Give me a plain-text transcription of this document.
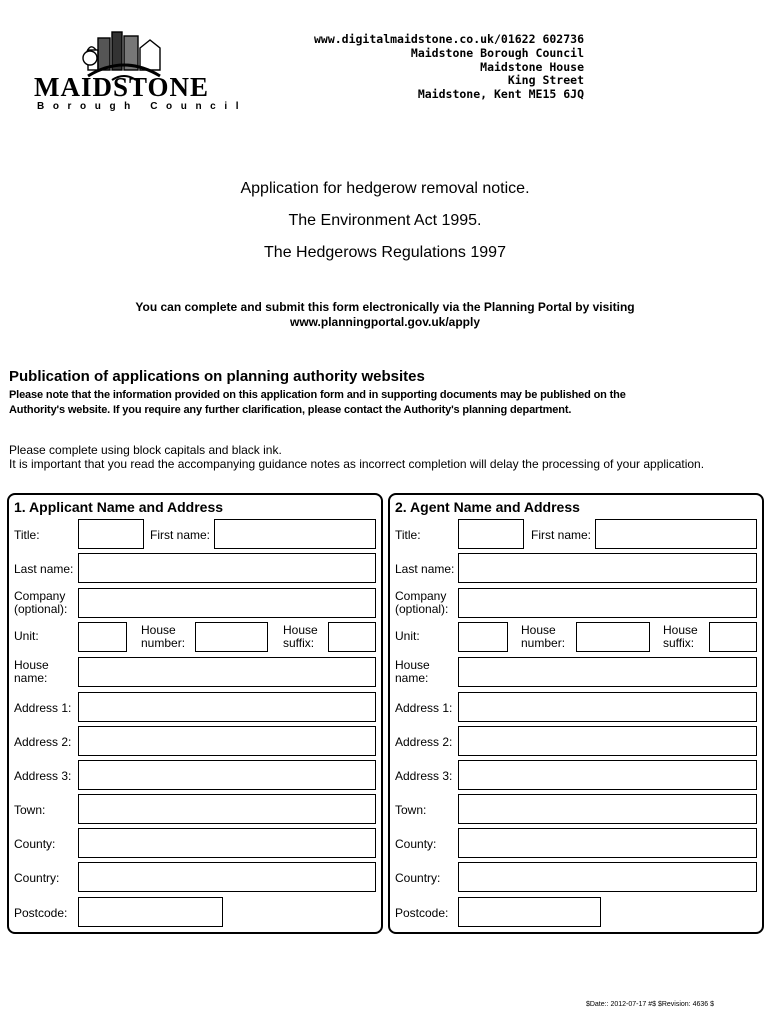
MAIDSTONE
Borough Council
www.digitalmaidstone.co.uk/01622 602736
Maidstone Borough Council
Maidstone House
King Street
Maidstone, Kent ME15 6JQ
Application for hedgerow removal notice.
The Environment Act 1995.
The Hedgerows Regulations 1997
You can complete and submit this form electronically via the Planning Portal by visiting
www.planningportal.gov.uk/apply
Publication of applications on planning authority websites
Please note that the information provided on this application form and in supporting documents may be published on the
Authority's website. If you require any further clarification, please contact the Authority's planning department.
Please complete using block capitals and black ink.
It is important that you read the accompanying guidance notes as incorrect completion will delay the processing of your application.
1. Applicant Name and Address
Title:	First name:
Last name:
Company
(optional):
Unit:	House
number:
House
suffix:
House
name:
Address 1:
Address 2:
Address 3:
Town:
County:
Country:
Postcode:
2. Agent Name and Address
Title:	First name:
Last name:
Company
(optional):
Unit:	House
number:
House
suffix:
House
name:
Address 1:
Address 2:
Address 3:
Town:
County:
Country:
Postcode:
$Date:: 2012-07-17 #$ $Revision: 4636 $
